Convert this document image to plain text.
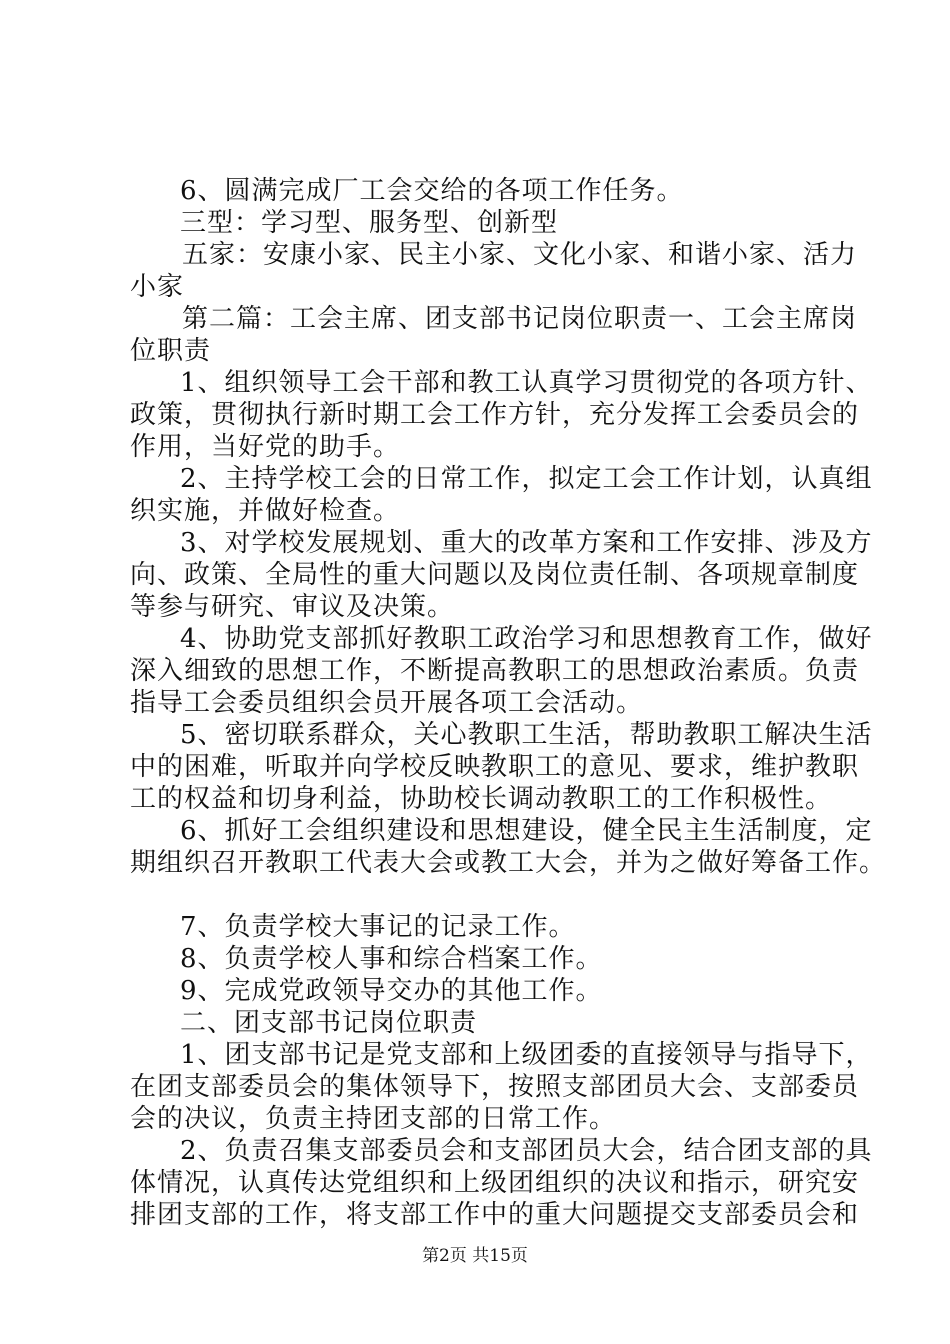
6、圆满完成厂工会交给的各项工作任务。
三型：学习型、服务型、创新型
五家：安康小家、民主小家、文化小家、和谐小家、活力
小家
第二篇：工会主席、团支部书记岗位职责一、工会主席岗
位职责
1、组织领导工会干部和教工认真学习贯彻党的各项方针、
政策，贯彻执行新时期工会工作方针，充分发挥工会委员会的
作用，当好党的助手。
2、主持学校工会的日常工作，拟定工会工作计划，认真组
织实施，并做好检查。
3、对学校发展规划、重大的改革方案和工作安排、涉及方
向、政策、全局性的重大问题以及岗位责任制、各项规章制度
等参与研究、审议及决策。
4、协助党支部抓好教职工政治学习和思想教育工作，做好
深入细致的思想工作，不断提高教职工的思想政治素质。负责
指导工会委员组织会员开展各项工会活动。
5、密切联系群众，关心教职工生活，帮助教职工解决生活
中的困难，听取并向学校反映教职工的意见、要求，维护教职
工的权益和切身利益，协助校长调动教职工的工作积极性。
6、抓好工会组织建设和思想建设，健全民主生活制度，定
期组织召开教职工代表大会或教工大会，并为之做好筹备工作。
7、负责学校大事记的记录工作。
8、负责学校人事和综合档案工作。
9、完成党政领导交办的其他工作。
二、团支部书记岗位职责
1、团支部书记是党支部和上级团委的直接领导与指导下，
在团支部委员会的集体领导下，按照支部团员大会、支部委员
会的决议，负责主持团支部的日常工作。
2、负责召集支部委员会和支部团员大会，结合团支部的具
体情况，认真传达党组织和上级团组织的决议和指示，研究安
排团支部的工作，将支部工作中的重大问题提交支部委员会和
第2页 共15页
